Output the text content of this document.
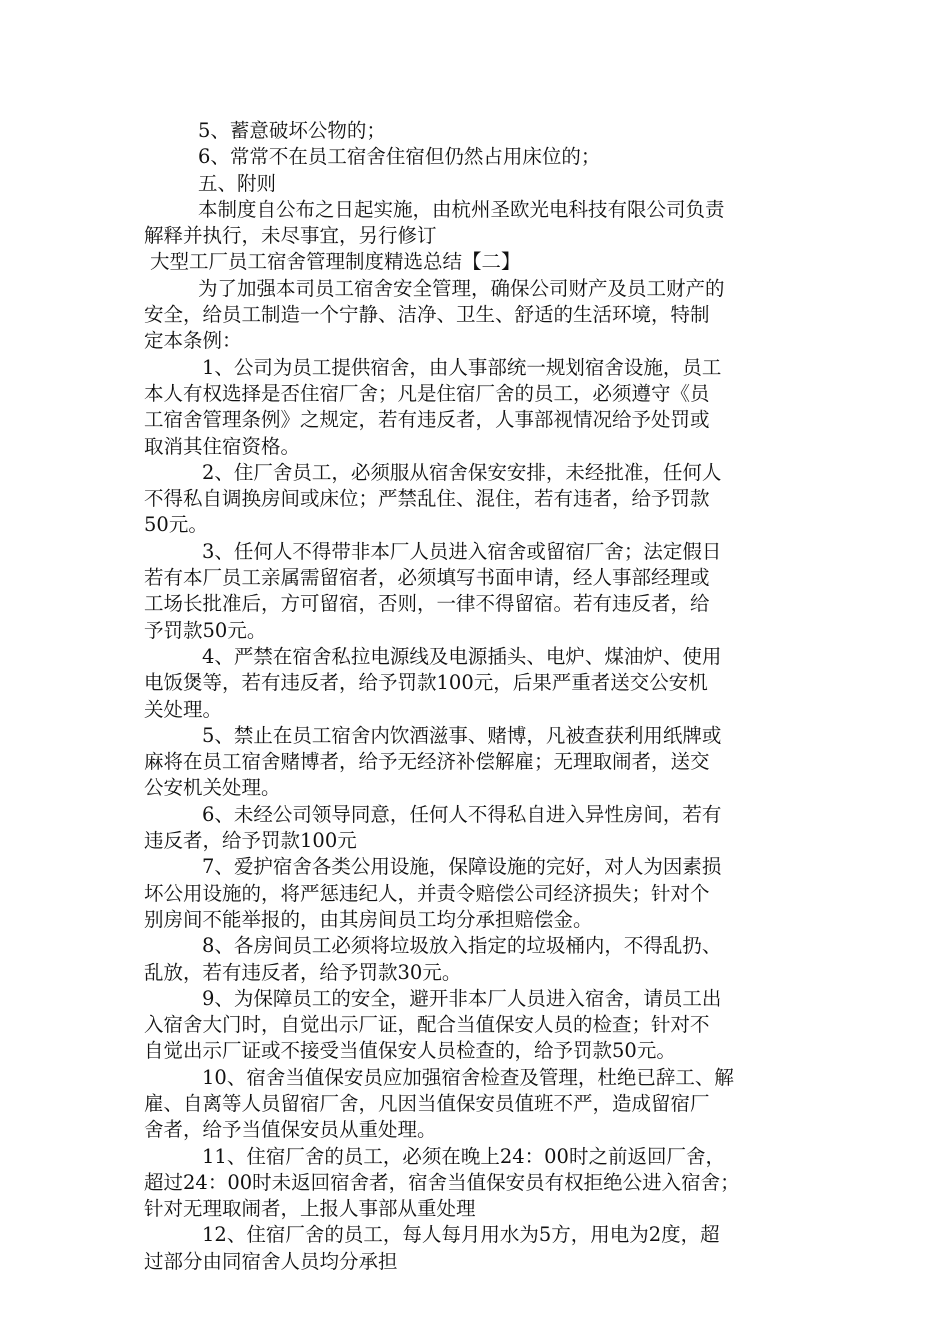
5、蓄意破坏公物的；
6、常常不在员工宿舍住宿但仍然占用床位的；
五、附则
本制度自公布之日起实施，由杭州圣欧光电科技有限公司负责
解释并执行，未尽事宜，另行修订
大型工厂员工宿舍管理制度精选总结【二】
为了加强本司员工宿舍安全管理，确保公司财产及员工财产的
安全，给员工制造一个宁静、洁净、卫生、舒适的生活环境，特制
定本条例：
1、公司为员工提供宿舍，由人事部统一规划宿舍设施，员工
本人有权选择是否住宿厂舍；凡是住宿厂舍的员工，必须遵守《员
工宿舍管理条例》之规定，若有违反者，人事部视情况给予处罚或
取消其住宿资格。
2、住厂舍员工，必须服从宿舍保安安排，未经批准，任何人
不得私自调换房间或床位；严禁乱住、混住，若有违者，给予罚款
50元。
3、任何人不得带非本厂人员进入宿舍或留宿厂舍；法定假日
若有本厂员工亲属需留宿者，必须填写书面申请，经人事部经理或
工场长批准后，方可留宿，否则，一律不得留宿。若有违反者，给
予罚款50元。
4、严禁在宿舍私拉电源线及电源插头、电炉、煤油炉、使用
电饭煲等，若有违反者，给予罚款100元，后果严重者送交公安机
关处理。
5、禁止在员工宿舍内饮酒滋事、赌博，凡被查获利用纸牌或
麻将在员工宿舍赌博者，给予无经济补偿解雇；无理取闹者，送交
公安机关处理。
6、未经公司领导同意，任何人不得私自进入异性房间，若有
违反者，给予罚款100元
7、爱护宿舍各类公用设施，保障设施的完好，对人为因素损
坏公用设施的，将严惩违纪人，并责令赔偿公司经济损失；针对个
别房间不能举报的，由其房间员工均分承担赔偿金。
8、各房间员工必须将垃圾放入指定的垃圾桶内，不得乱扔、
乱放，若有违反者，给予罚款30元。
9、为保障员工的安全，避开非本厂人员进入宿舍，请员工出
入宿舍大门时，自觉出示厂证，配合当值保安人员的检查；针对不
自觉出示厂证或不接受当值保安人员检查的，给予罚款50元。
10、宿舍当值保安员应加强宿舍检查及管理，杜绝已辞工、解
雇、自离等人员留宿厂舍，凡因当值保安员值班不严，造成留宿厂
舍者，给予当值保安员从重处理。
11、住宿厂舍的员工，必须在晚上24：00时之前返回厂舍，
超过24：00时未返回宿舍者，宿舍当值保安员有权拒绝公进入宿舍；
针对无理取闹者，上报人事部从重处理
12、住宿厂舍的员工，每人每月用水为5方，用电为2度，超
过部分由同宿舍人员均分承担
